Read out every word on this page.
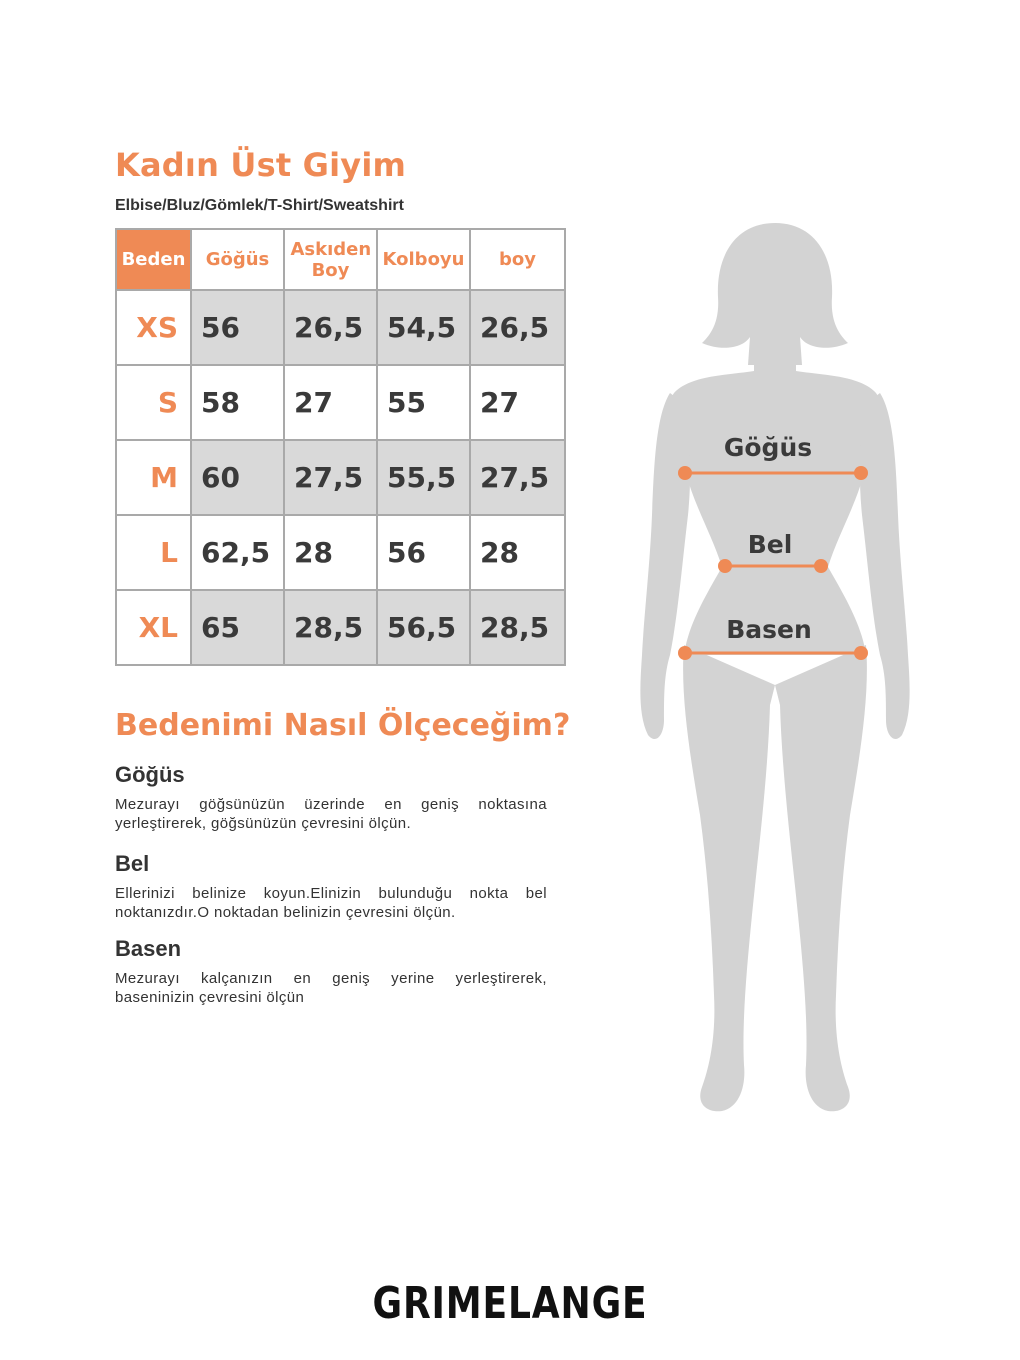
Kadın Üst Giyim

Elbise/Bluz/Gömlek/T-Shirt/Sweatshirt

Beden	Göğüs	Askıden Boy	Kolboyu	boy
XS	56	26,5	54,5	26,5
S	58	27	55	27
M	60	27,5	55,5	27,5
L	62,5	28	56	28
XL	65	28,5	56,5	28,5
Bedenimi Nasıl Ölçeceğim?
Göğüs

Mezurayı göğsünüzün üzerinde en geniş noktasına yerleştirerek, göğsünüzün çevresini ölçün.

Bel

Ellerinizi belinize koyun.Elinizin bulunduğu nokta bel noktanızdır.O noktadan belinizin çevresini ölçün.

Basen

Mezurayı kalçanızın en geniş yerine yerleştirerek, baseninizin çevresini ölçün

Göğüs
Bel
Basen

GRIMELANGE
